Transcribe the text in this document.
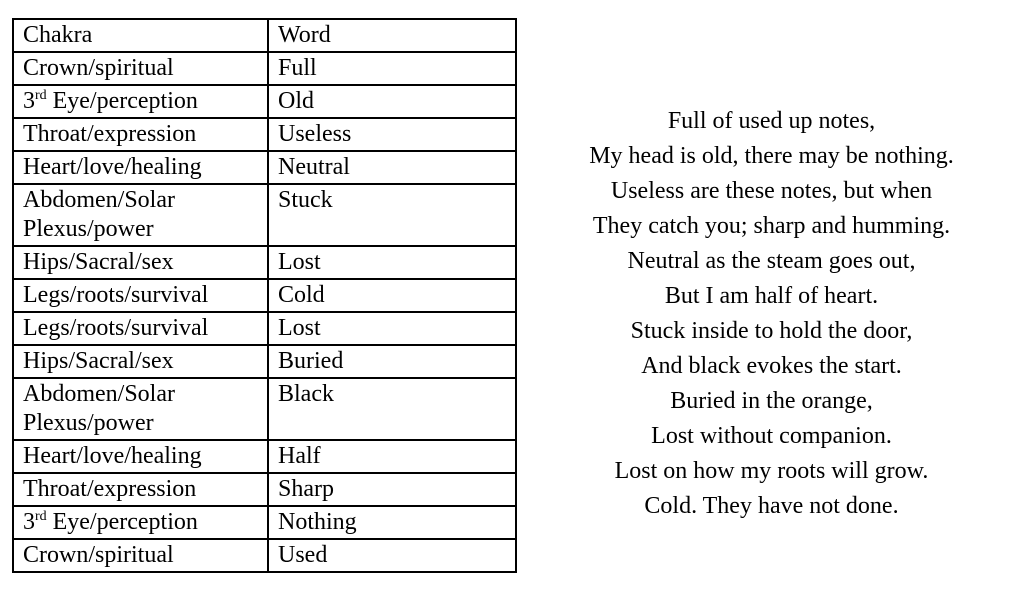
Chakra	Word
Crown/spiritual	Full
3rd Eye/perception	Old
Throat/expression	Useless
Heart/love/healing	Neutral
Abdomen/Solar Plexus/power	Stuck
Hips/Sacral/sex	Lost
Legs/roots/survival	Cold
Legs/roots/survival	Lost
Hips/Sacral/sex	Buried
Abdomen/Solar Plexus/power	Black
Heart/love/healing	Half
Throat/expression	Sharp
3rd Eye/perception	Nothing
Crown/spiritual	Used
Full of used up notes,
My head is old, there may be nothing.
Useless are these notes, but when
They catch you; sharp and humming.
Neutral as the steam goes out,
But I am half of heart.
Stuck inside to hold the door,
And black evokes the start.
Buried in the orange,
Lost without companion.
Lost on how my roots will grow.
Cold. They have not done.
